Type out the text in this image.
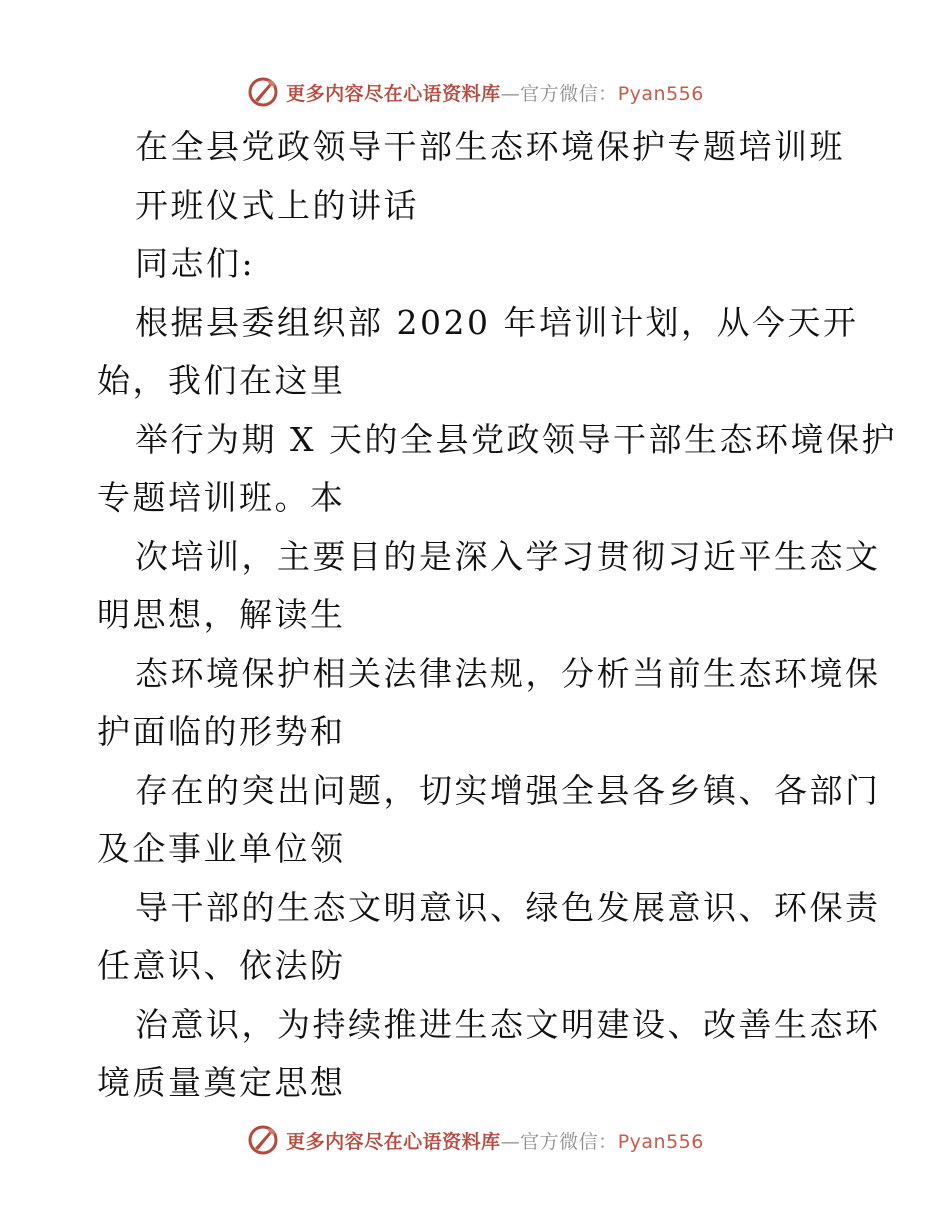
更多内容尽在心语资料库—官方微信：Pyan556

在全县党政领导干部生态环境保护专题培训班

开班仪式上的讲话

同志们:

根据县委组织部 2020 年培训计划，从今天开

始，我们在这里

举行为期 X 天的全县党政领导干部生态环境保护

专题培训班。本

次培训，主要目的是深入学习贯彻习近平生态文

明思想，解读生

态环境保护相关法律法规，分析当前生态环境保

护面临的形势和

存在的突出问题，切实增强全县各乡镇、各部门

及企事业单位领

导干部的生态文明意识、绿色发展意识、环保责

任意识、依法防

治意识，为持续推进生态文明建设、改善生态环

境质量奠定思想

更多内容尽在心语资料库—官方微信：Pyan556
